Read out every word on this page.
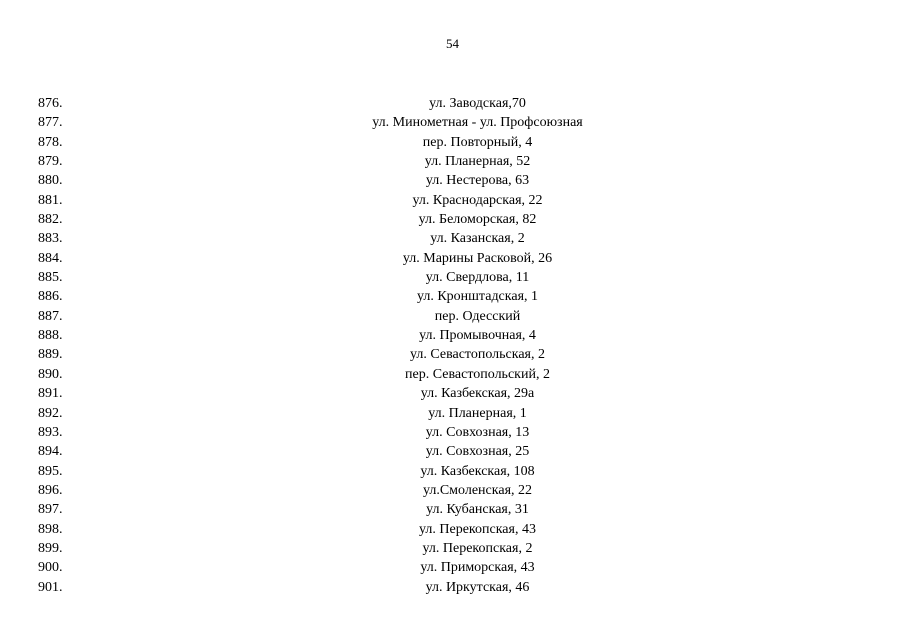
54
876.	ул. Заводская,70
877.	ул. Минометная - ул. Профсоюзная
878.	пер. Повторный, 4
879.	ул. Планерная, 52
880.	ул. Нестерова, 63
881.	ул. Краснодарская, 22
882.	ул. Беломорская, 82
883.	ул. Казанская, 2
884.	ул. Марины Расковой, 26
885.	ул. Свердлова, 11
886.	ул. Кронштадская, 1
887.	пер. Одесский
888.	ул. Промывочная, 4
889.	ул. Севастопольская, 2
890.	пер. Севастопольский, 2
891.	ул. Казбекская, 29а
892.	ул. Планерная, 1
893.	ул. Совхозная, 13
894.	ул. Совхозная, 25
895.	ул. Казбекская, 108
896.	ул.Смоленская, 22
897.	ул. Кубанская, 31
898.	ул. Перекопская, 43
899.	ул. Перекопская, 2
900.	ул. Приморская, 43
901.	ул. Иркутская, 46
